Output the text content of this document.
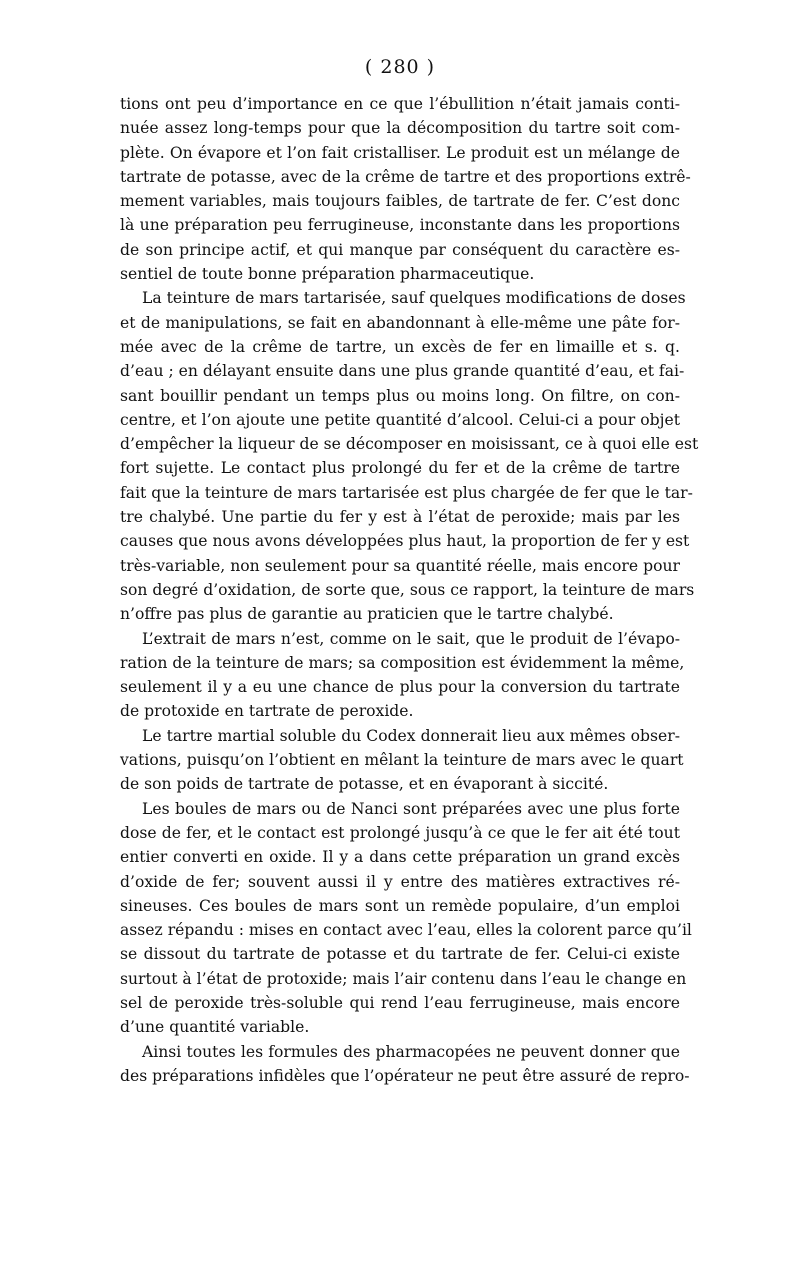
( 280 )
tions ont peu d’importance en ce que l’ébullition n’était jamais conti-
nuée assez long-temps pour que la décomposition du tartre soit com-
plète. On évapore et l’on fait cristalliser. Le produit est un mélange de
tartrate de potasse, avec de la crême de tartre et des proportions extrê-
mement variables, mais toujours faibles, de tartrate de fer. C’est donc
là une préparation peu ferrugineuse, inconstante dans les proportions
de son principe actif, et qui manque par conséquent du caractère es-
sentiel de toute bonne préparation pharmaceutique.
La teinture de mars tartarisée, sauf quelques modifications de doses
et de manipulations, se fait en abandonnant à elle-même une pâte for-
mée avec de la crême de tartre, un excès de fer en limaille et s. q.
d’eau ; en délayant ensuite dans une plus grande quantité d’eau, et fai-
sant bouillir pendant un temps plus ou moins long. On filtre, on con-
centre, et l’on ajoute une petite quantité d’alcool. Celui-ci a pour objet
d’empêcher la liqueur de se décomposer en moisissant, ce à quoi elle est
fort sujette. Le contact plus prolongé du fer et de la crême de tartre
fait que la teinture de mars tartarisée est plus chargée de fer que le tar-
tre chalybé. Une partie du fer y est à l’état de peroxide; mais par les
causes que nous avons développées plus haut, la proportion de fer y est
très-variable, non seulement pour sa quantité réelle, mais encore pour
son degré d’oxidation, de sorte que, sous ce rapport, la teinture de mars
n’offre pas plus de garantie au praticien que le tartre chalybé.
L’extrait de mars n’est, comme on le sait, que le produit de l’évapo-
ration de la teinture de mars; sa composition est évidemment la même,
seulement il y a eu une chance de plus pour la conversion du tartrate
de protoxide en tartrate de peroxide.
Le tartre martial soluble du Codex donnerait lieu aux mêmes obser-
vations, puisqu’on l’obtient en mêlant la teinture de mars avec le quart
de son poids de tartrate de potasse, et en évaporant à siccité.
Les boules de mars ou de Nanci sont préparées avec une plus forte
dose de fer, et le contact est prolongé jusqu’à ce que le fer ait été tout
entier converti en oxide. Il y a dans cette préparation un grand excès
d’oxide de fer; souvent aussi il y entre des matières extractives ré-
sineuses. Ces boules de mars sont un remède populaire, d’un emploi
assez répandu : mises en contact avec l’eau, elles la colorent parce qu’il
se dissout du tartrate de potasse et du tartrate de fer. Celui-ci existe
surtout à l’état de protoxide; mais l’air contenu dans l’eau le change en
sel de peroxide très-soluble qui rend l’eau ferrugineuse, mais encore
d’une quantité variable.
Ainsi toutes les formules des pharmacopées ne peuvent donner que
des préparations infidèles que l’opérateur ne peut être assuré de repro-
